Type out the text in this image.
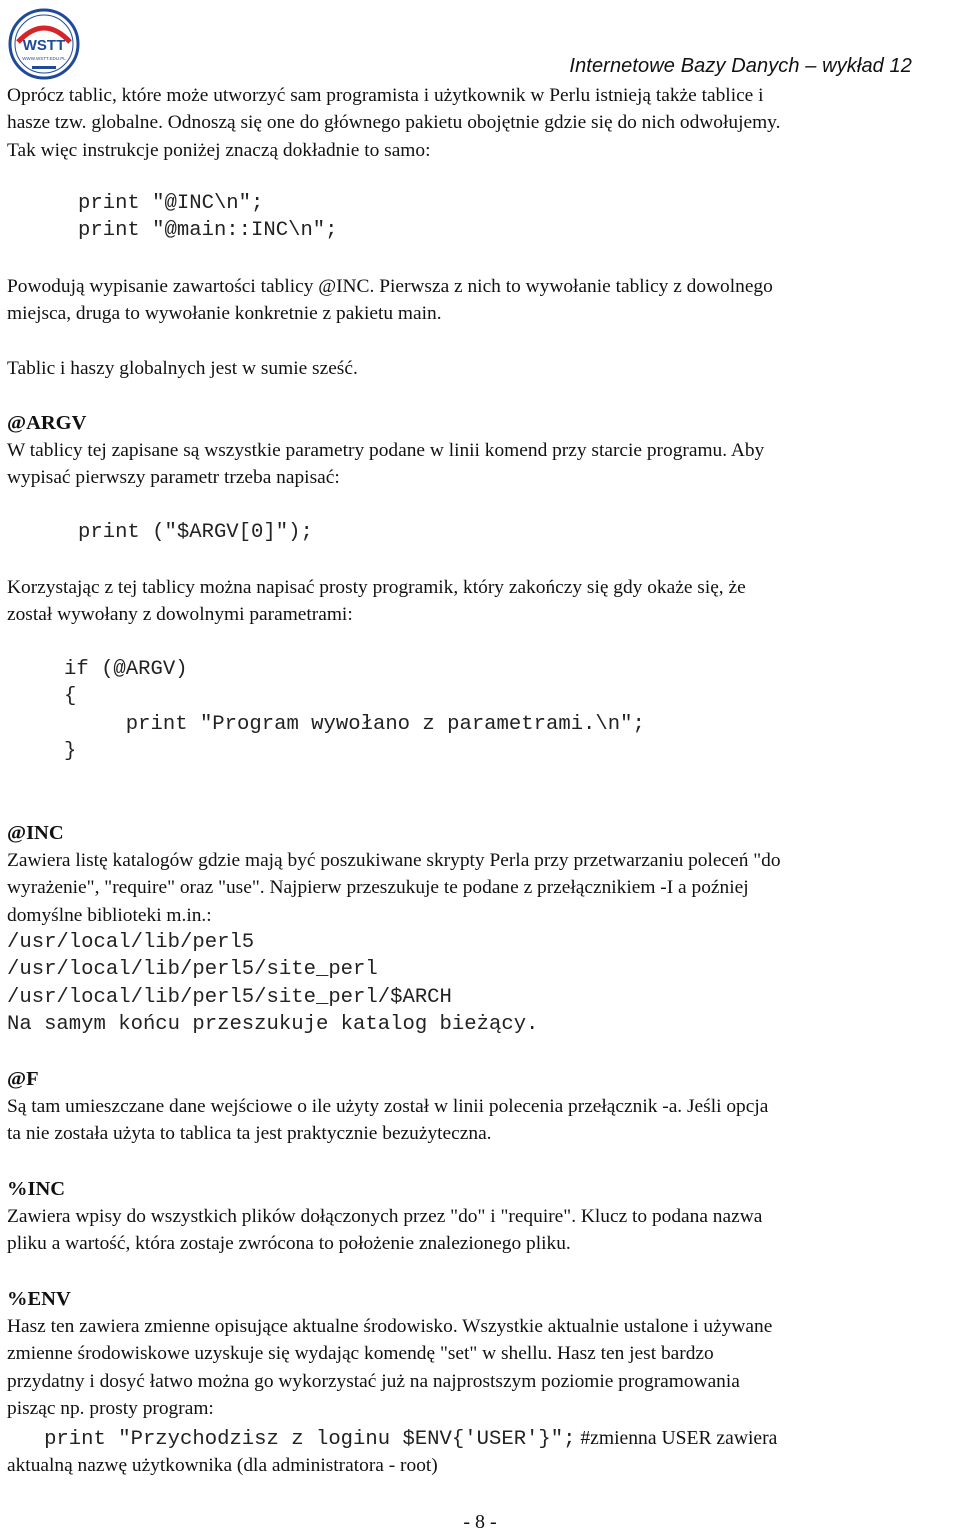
WSTT
WWW.WSTT.EDU.PL	Internetowe Bazy Danych – wykład 12

Oprócz tablic, które może utworzyć sam programista i użytkownik w Perlu istnieją także tablice i
hasze tzw. globalne. Odnoszą się one do głównego pakietu obojętnie gdzie się do nich odwołujemy.
Tak więc instrukcje poniżej znaczą dokładnie to samo:

print "@INC\n";
print "@main::INC\n";

Powodują wypisanie zawartości tablicy @INC. Pierwsza z nich to wywołanie tablicy z dowolnego
miejsca, druga to wywołanie konkretnie z pakietu main.

Tablic i haszy globalnych jest w sumie sześć.

@ARGV

W tablicy tej zapisane są wszystkie parametry podane w linii komend przy starcie programu. Aby
wypisać pierwszy parametr trzeba napisać:

print ("$ARGV[0]");

Korzystając z tej tablicy można napisać prosty programik, który zakończy się gdy okaże się, że
został wywołany z dowolnymi parametrami:

if (@ARGV)
{
print "Program wywołano z parametrami.\n";
}
@INC

Zawiera listę katalogów gdzie mają być poszukiwane skrypty Perla przy przetwarzaniu poleceń "do
wyrażenie", "require" oraz "use". Najpierw przeszukuje te podane z przełącznikiem -I a poźniej
domyślne biblioteki m.in.:

/usr/local/lib/perl5
/usr/local/lib/perl5/site_perl
/usr/local/lib/perl5/site_perl/$ARCH
Na samym końcu przeszukuje katalog bieżący.
@F

Są tam umieszczane dane wejściowe o ile użyty został w linii polecenia przełącznik -a. Jeśli opcja
ta nie została użyta to tablica ta jest praktycznie bezużyteczna.

%INC

Zawiera wpisy do wszystkich plików dołączonych przez "do" i "require". Klucz to podana nazwa
pliku a wartość, która zostaje zwrócona to położenie znalezionego pliku.

%ENV

Hasz ten zawiera zmienne opisujące aktualne środowisko. Wszystkie aktualnie ustalone i używane
zmienne środowiskowe uzyskuje się wydając komendę "set" w shellu. Hasz ten jest bardzo
przydatny i dosyć łatwo można go wykorzystać już na najprostszym poziomie programowania
pisząc np. prosty program:

print "Przychodzisz z loginu $ENV{'USER'}"; #zmienna USER zawiera

aktualną nazwę użytkownika (dla administratora - root)

- 8 -
